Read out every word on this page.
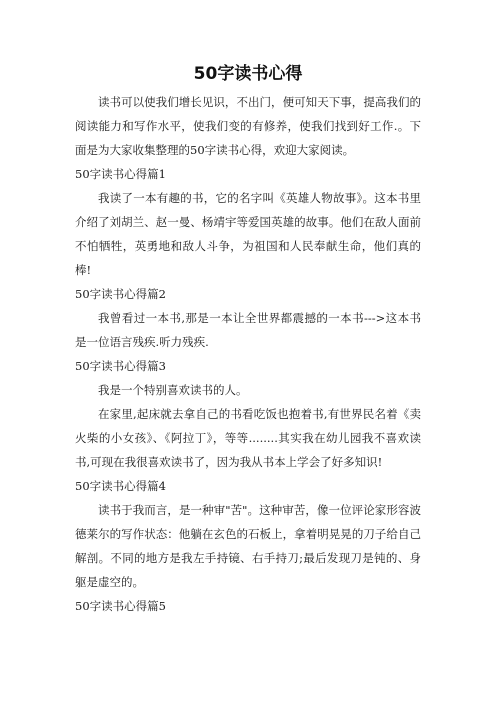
50字读书心得

读书可以使我们增长见识，不出门，便可知天下事，提高我们的阅读能力和写作水平，使我们变的有修养，使我们找到好工作.。下面是为大家收集整理的50字读书心得，欢迎大家阅读。

50字读书心得篇1

我读了一本有趣的书，它的名字叫《英雄人物故事》。这本书里介绍了刘胡兰、赵一曼、杨靖宇等爱国英雄的故事。他们在敌人面前不怕牺牲，英勇地和敌人斗争，为祖国和人民奉献生命，他们真的棒!

50字读书心得篇2

我曾看过一本书,那是一本让全世界都震撼的一本书--->这本书是一位语言残疾.听力残疾.

50字读书心得篇3

我是一个特别喜欢读书的人。

在家里,起床就去拿自己的书看吃饭也抱着书,有世界民名着《卖火柴的小女孩》、《阿拉丁》，等等........其实我在幼儿园我不喜欢读书,可现在我很喜欢读书了，因为我从书本上学会了好多知识!

50字读书心得篇4

读书于我而言，是一种审"苦"。这种审苦，像一位评论家形容波德莱尔的写作状态：他躺在玄色的石板上，拿着明晃晃的刀子给自己解剖。不同的地方是我左手持镜、右手持刀;最后发现刀是钝的、身躯是虚空的。

50字读书心得篇5
